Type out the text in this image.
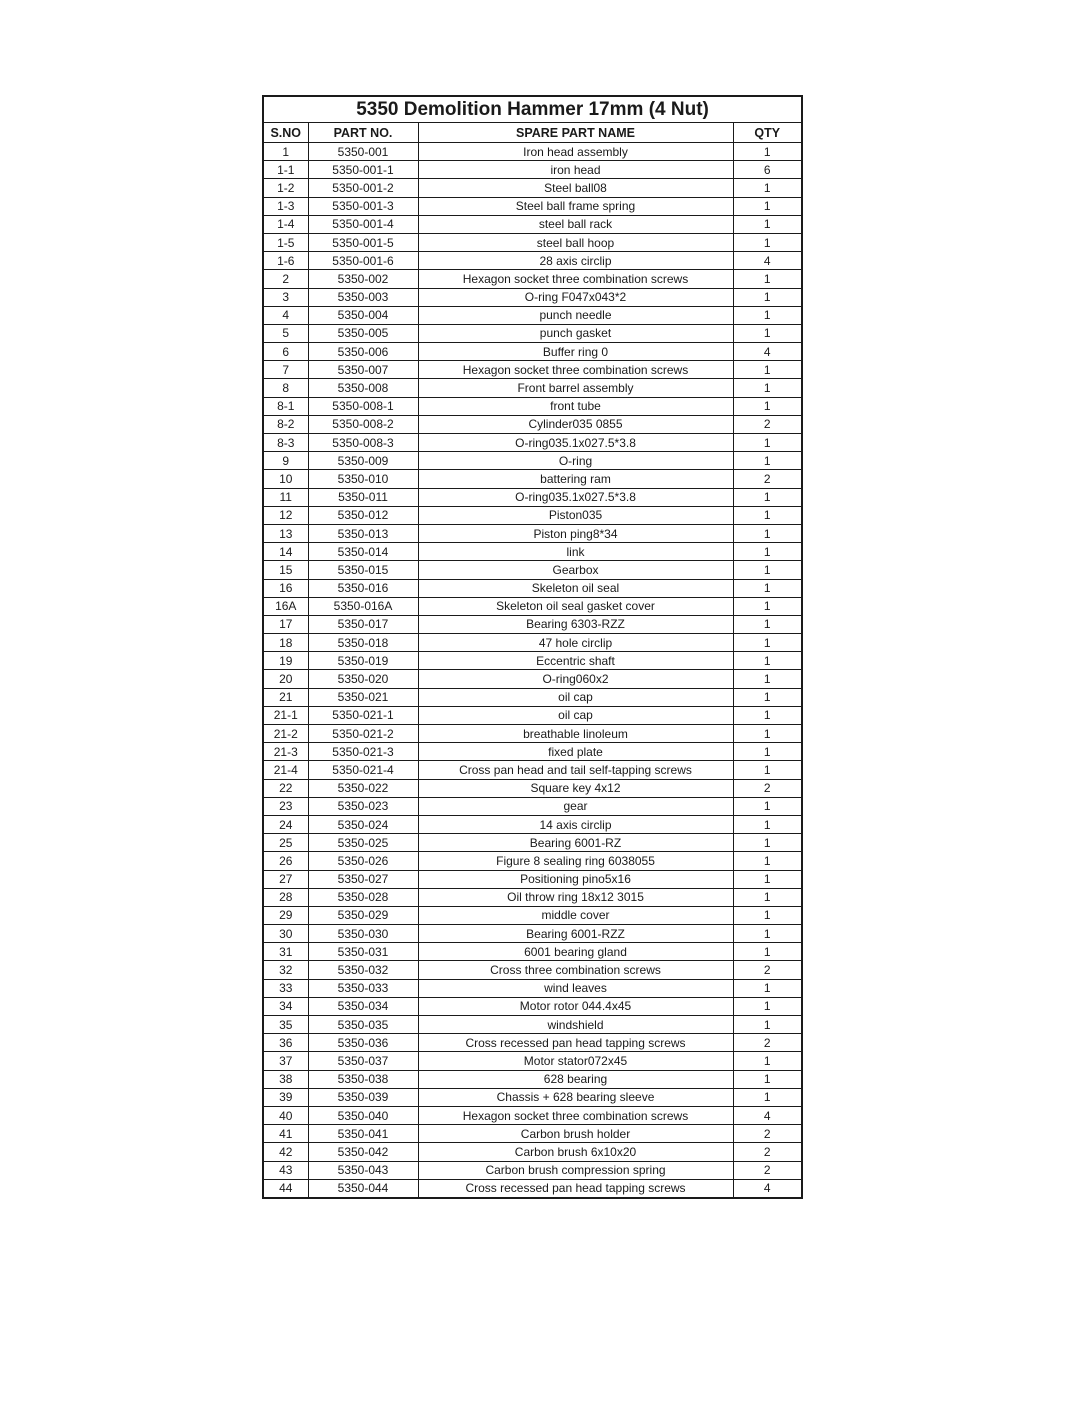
5350 Demolition Hammer 17mm (4 Nut)			
S.NO	PART NO.	SPARE PART NAME	QTY
1	5350-001	Iron head assembly	1
1-1	5350-001-1	iron head	6
1-2	5350-001-2	Steel ball08	1
1-3	5350-001-3	Steel ball frame spring	1
1-4	5350-001-4	steel ball rack	1
1-5	5350-001-5	steel ball hoop	1
1-6	5350-001-6	28 axis circlip	4
2	5350-002	Hexagon socket three combination screws	1
3	5350-003	O-ring F047x043*2	1
4	5350-004	punch needle	1
5	5350-005	punch gasket	1
6	5350-006	Buffer ring 0	4
7	5350-007	Hexagon socket three combination screws	1
8	5350-008	Front barrel assembly	1
8-1	5350-008-1	front tube	1
8-2	5350-008-2	Cylinder035 0855	2
8-3	5350-008-3	O-ring035.1x027.5*3.8	1
9	5350-009	O-ring	1
10	5350-010	battering ram	2
11	5350-011	O-ring035.1x027.5*3.8	1
12	5350-012	Piston035	1
13	5350-013	Piston ping8*34	1
14	5350-014	link	1
15	5350-015	Gearbox	1
16	5350-016	Skeleton oil seal	1
16A	5350-016A	Skeleton oil seal gasket cover	1
17	5350-017	Bearing 6303-RZZ	1
18	5350-018	47 hole circlip	1
19	5350-019	Eccentric shaft	1
20	5350-020	O-ring060x2	1
21	5350-021	oil cap	1
21-1	5350-021-1	oil cap	1
21-2	5350-021-2	breathable linoleum	1
21-3	5350-021-3	fixed plate	1
21-4	5350-021-4	Cross pan head and tail self-tapping screws	1
22	5350-022	Square key 4x12	2
23	5350-023	gear	1
24	5350-024	14 axis circlip	1
25	5350-025	Bearing 6001-RZ	1
26	5350-026	Figure 8 sealing ring 6038055	1
27	5350-027	Positioning pino5x16	1
28	5350-028	Oil throw ring 18x12 3015	1
29	5350-029	middle cover	1
30	5350-030	Bearing 6001-RZZ	1
31	5350-031	6001 bearing gland	1
32	5350-032	Cross three combination screws	2
33	5350-033	wind leaves	1
34	5350-034	Motor rotor 044.4x45	1
35	5350-035	windshield	1
36	5350-036	Cross recessed pan head tapping screws	2
37	5350-037	Motor stator072x45	1
38	5350-038	628 bearing	1
39	5350-039	Chassis + 628 bearing sleeve	1
40	5350-040	Hexagon socket three combination screws	4
41	5350-041	Carbon brush holder	2
42	5350-042	Carbon brush 6x10x20	2
43	5350-043	Carbon brush compression spring	2
44	5350-044	Cross recessed pan head tapping screws	4
